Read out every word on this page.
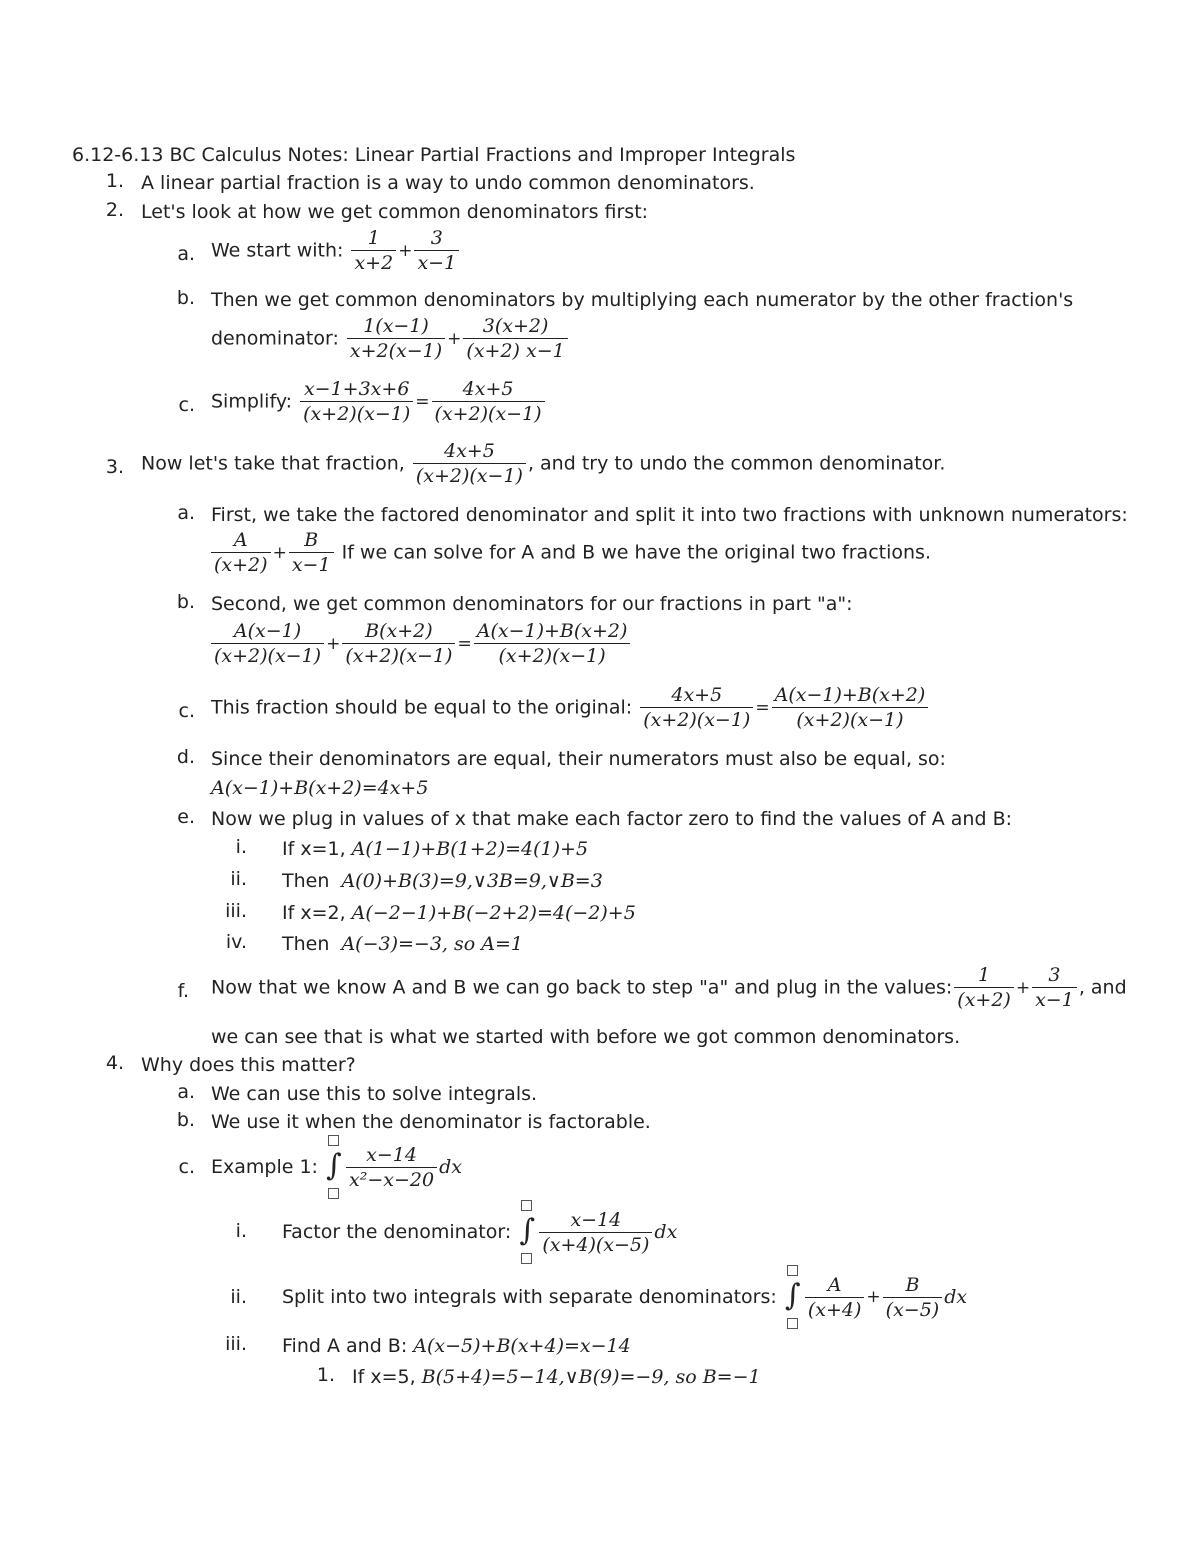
6.12-6.13 BC Calculus Notes: Linear Partial Fractions and Improper Integrals
1. A linear partial fraction is a way to undo common denominators.
2. Let's look at how we get common denominators first:
a. We start with: $\frac{1}{x+2} + \frac{3}{x-1}$
b. Then we get common denominators by multiplying each numerator by the other fraction's
denominator: $\frac{1(x-1)}{x+2(x-1)} + \frac{3(x+2)}{(x+2) x-1}$
c. Simplify: $\frac{x-1+3x+6}{(x+2)(x-1)} = \frac{4x+5}{(x+2)(x-1)}$
3. Now let's take that fraction, $\frac{4x+5}{(x+2)(x-1)}$ , and try to undo the common denominator.
a. First, we take the factored denominator and split it into two fractions with unknown numerators:
$\frac{A}{(x+2)} + \frac{B}{x-1}$ If we can solve for A and B we have the original two fractions.
b. Second, we get common denominators for our fractions in part "a":
$\frac{A(x-1)}{(x+2)(x-1)} + \frac{B(x+2)}{(x+2)(x-1)} = \frac{A(x-1)+B(x+2)}{(x+2)(x-1)}$
c. This fraction should be equal to the original: $\frac{4x+5}{(x+2)(x-1)} = \frac{A(x-1)+B(x+2)}{(x+2)(x-1)}$
d. Since their denominators are equal, their numerators must also be equal, so:
A(x−1)+B(x+2)=4x+5
e. Now we plug in values of x that make each factor zero to find the values of A and B:
i. If x=1, A(1−1)+B(1+2)=4(1)+5
ii. Then A(0)+B(3)=9,∨3B=9,∨B=3
iii. If x=2, A(−2−1)+B(−2+2)=4(−2)+5
iv. Then A(−3)=−3, so A=1
f. Now that we know A and B we can go back to step "a" and plug in the values: $\frac{1}{(x+2)} + \frac{3}{x-1}$ , and
we can see that is what we started with before we got common denominators.
4. Why does this matter?
a. We can use this to solve integrals.
b. We use it when the denominator is factorable.
c. Example 1: ∫ $\frac{x-14}{\text{x²−x−20}}$ dx
i. Factor the denominator: ∫ $\frac{x-14}{(x+4)(x-5)}$ dx
ii. Split into two integrals with separate denominators: ∫ $\frac{A}{(x+4)} + \frac{B}{(x-5)}$ dx
iii. Find A and B: A(x−5)+B(x+4)=x−14
1. If x=5, B(5+4)=5−14,∨B(9)=−9, so B=−1
